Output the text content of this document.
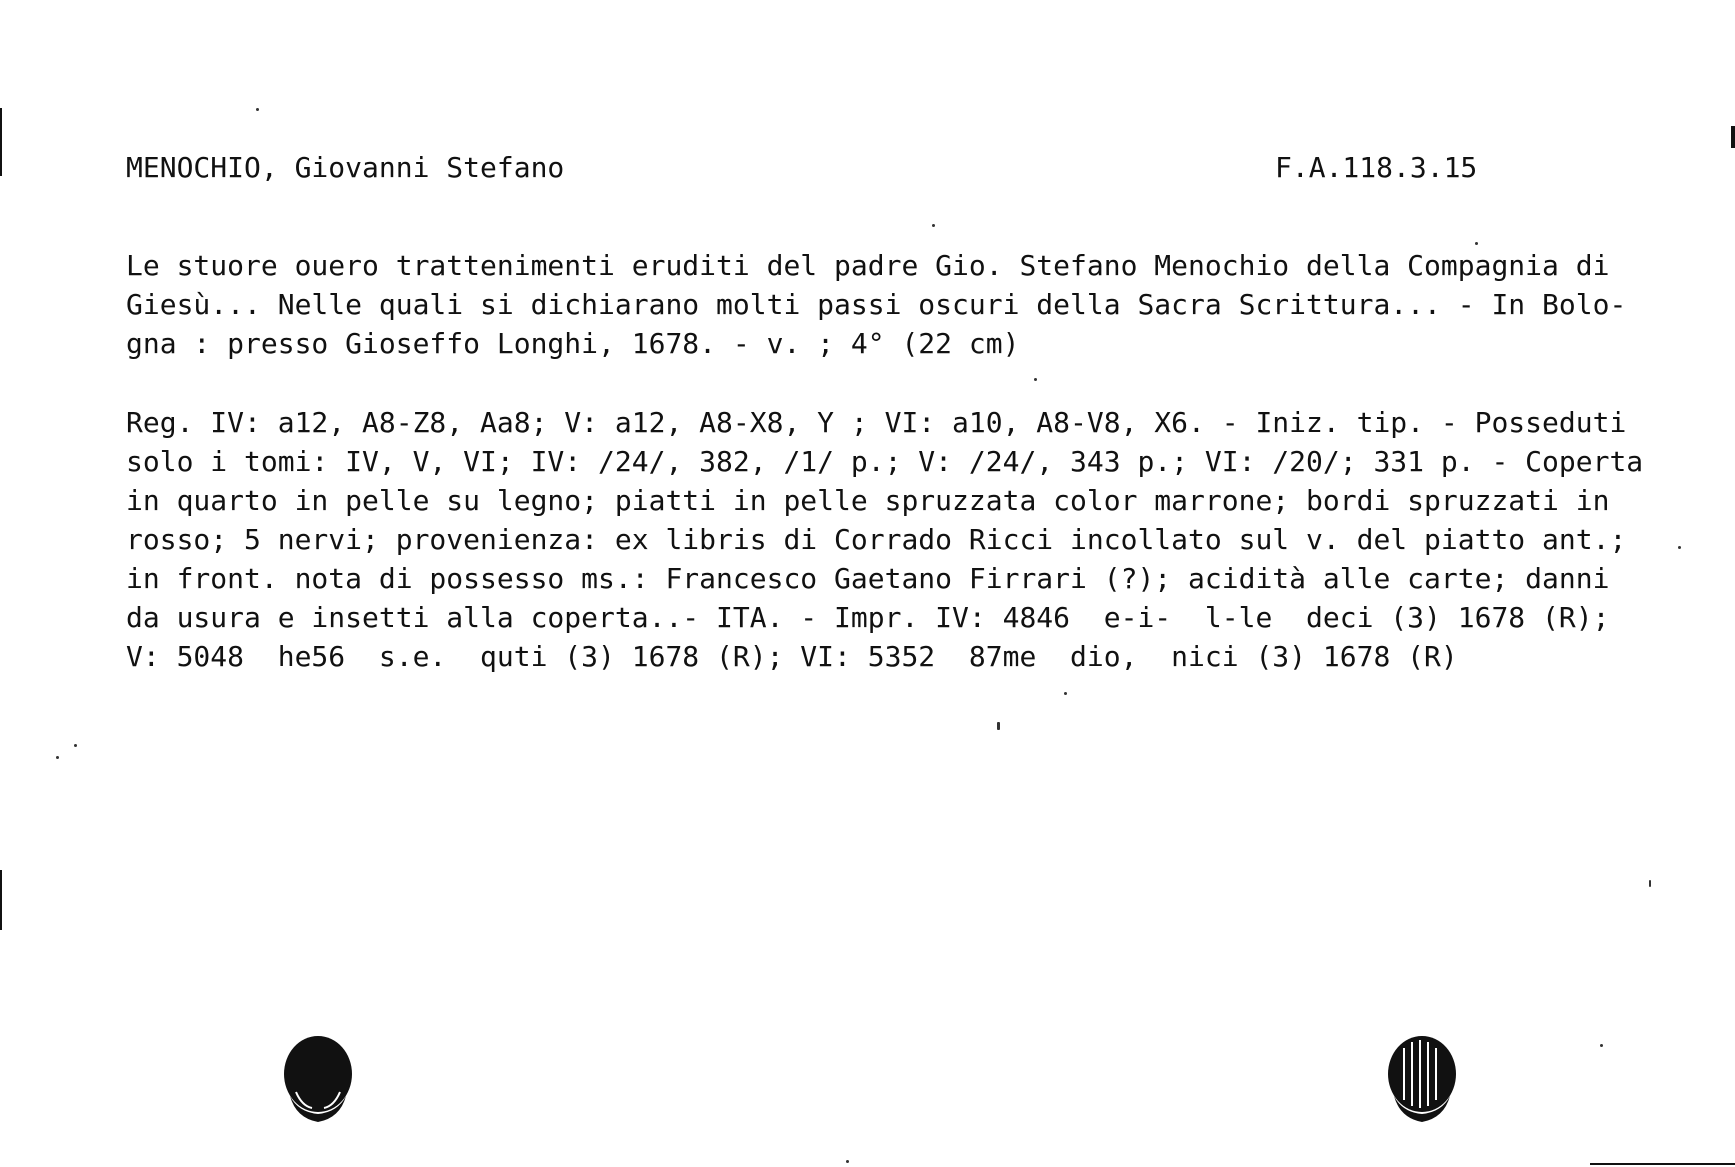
MENOCHIO, Giovanni Stefano	F.A.118.3.15
Le stuore ouero trattenimenti eruditi del padre Gio. Stefano Menochio della Compagnia di
Giesù... Nelle quali si dichiarano molti passi oscuri della Sacra Scrittura... - In Bolo-
gna : presso Gioseffo Longhi, 1678. - v. ; 4° (22 cm)
Reg. IV: a12, A8-Z8, Aa8; V: a12, A8-X8, Y ; VI: a10, A8-V8, X6. - Iniz. tip. - Posseduti
solo i tomi: IV, V, VI; IV: /24/, 382, /1/ p.; V: /24/, 343 p.; VI: /20/; 331 p. - Coperta
in quarto in pelle su legno; piatti in pelle spruzzata color marrone; bordi spruzzati in
rosso; 5 nervi; provenienza: ex libris di Corrado Ricci incollato sul v. del piatto ant.;
in front. nota di possesso ms.: Francesco Gaetano Firrari (?); acidità alle carte; danni
da usura e insetti alla coperta..- ITA. - Impr. IV: 4846  e-i-  l-le  deci (3) 1678 (R);
V: 5048  he56  s.e.  quti (3) 1678 (R); VI: 5352  87me  dio,  nici (3) 1678 (R)
